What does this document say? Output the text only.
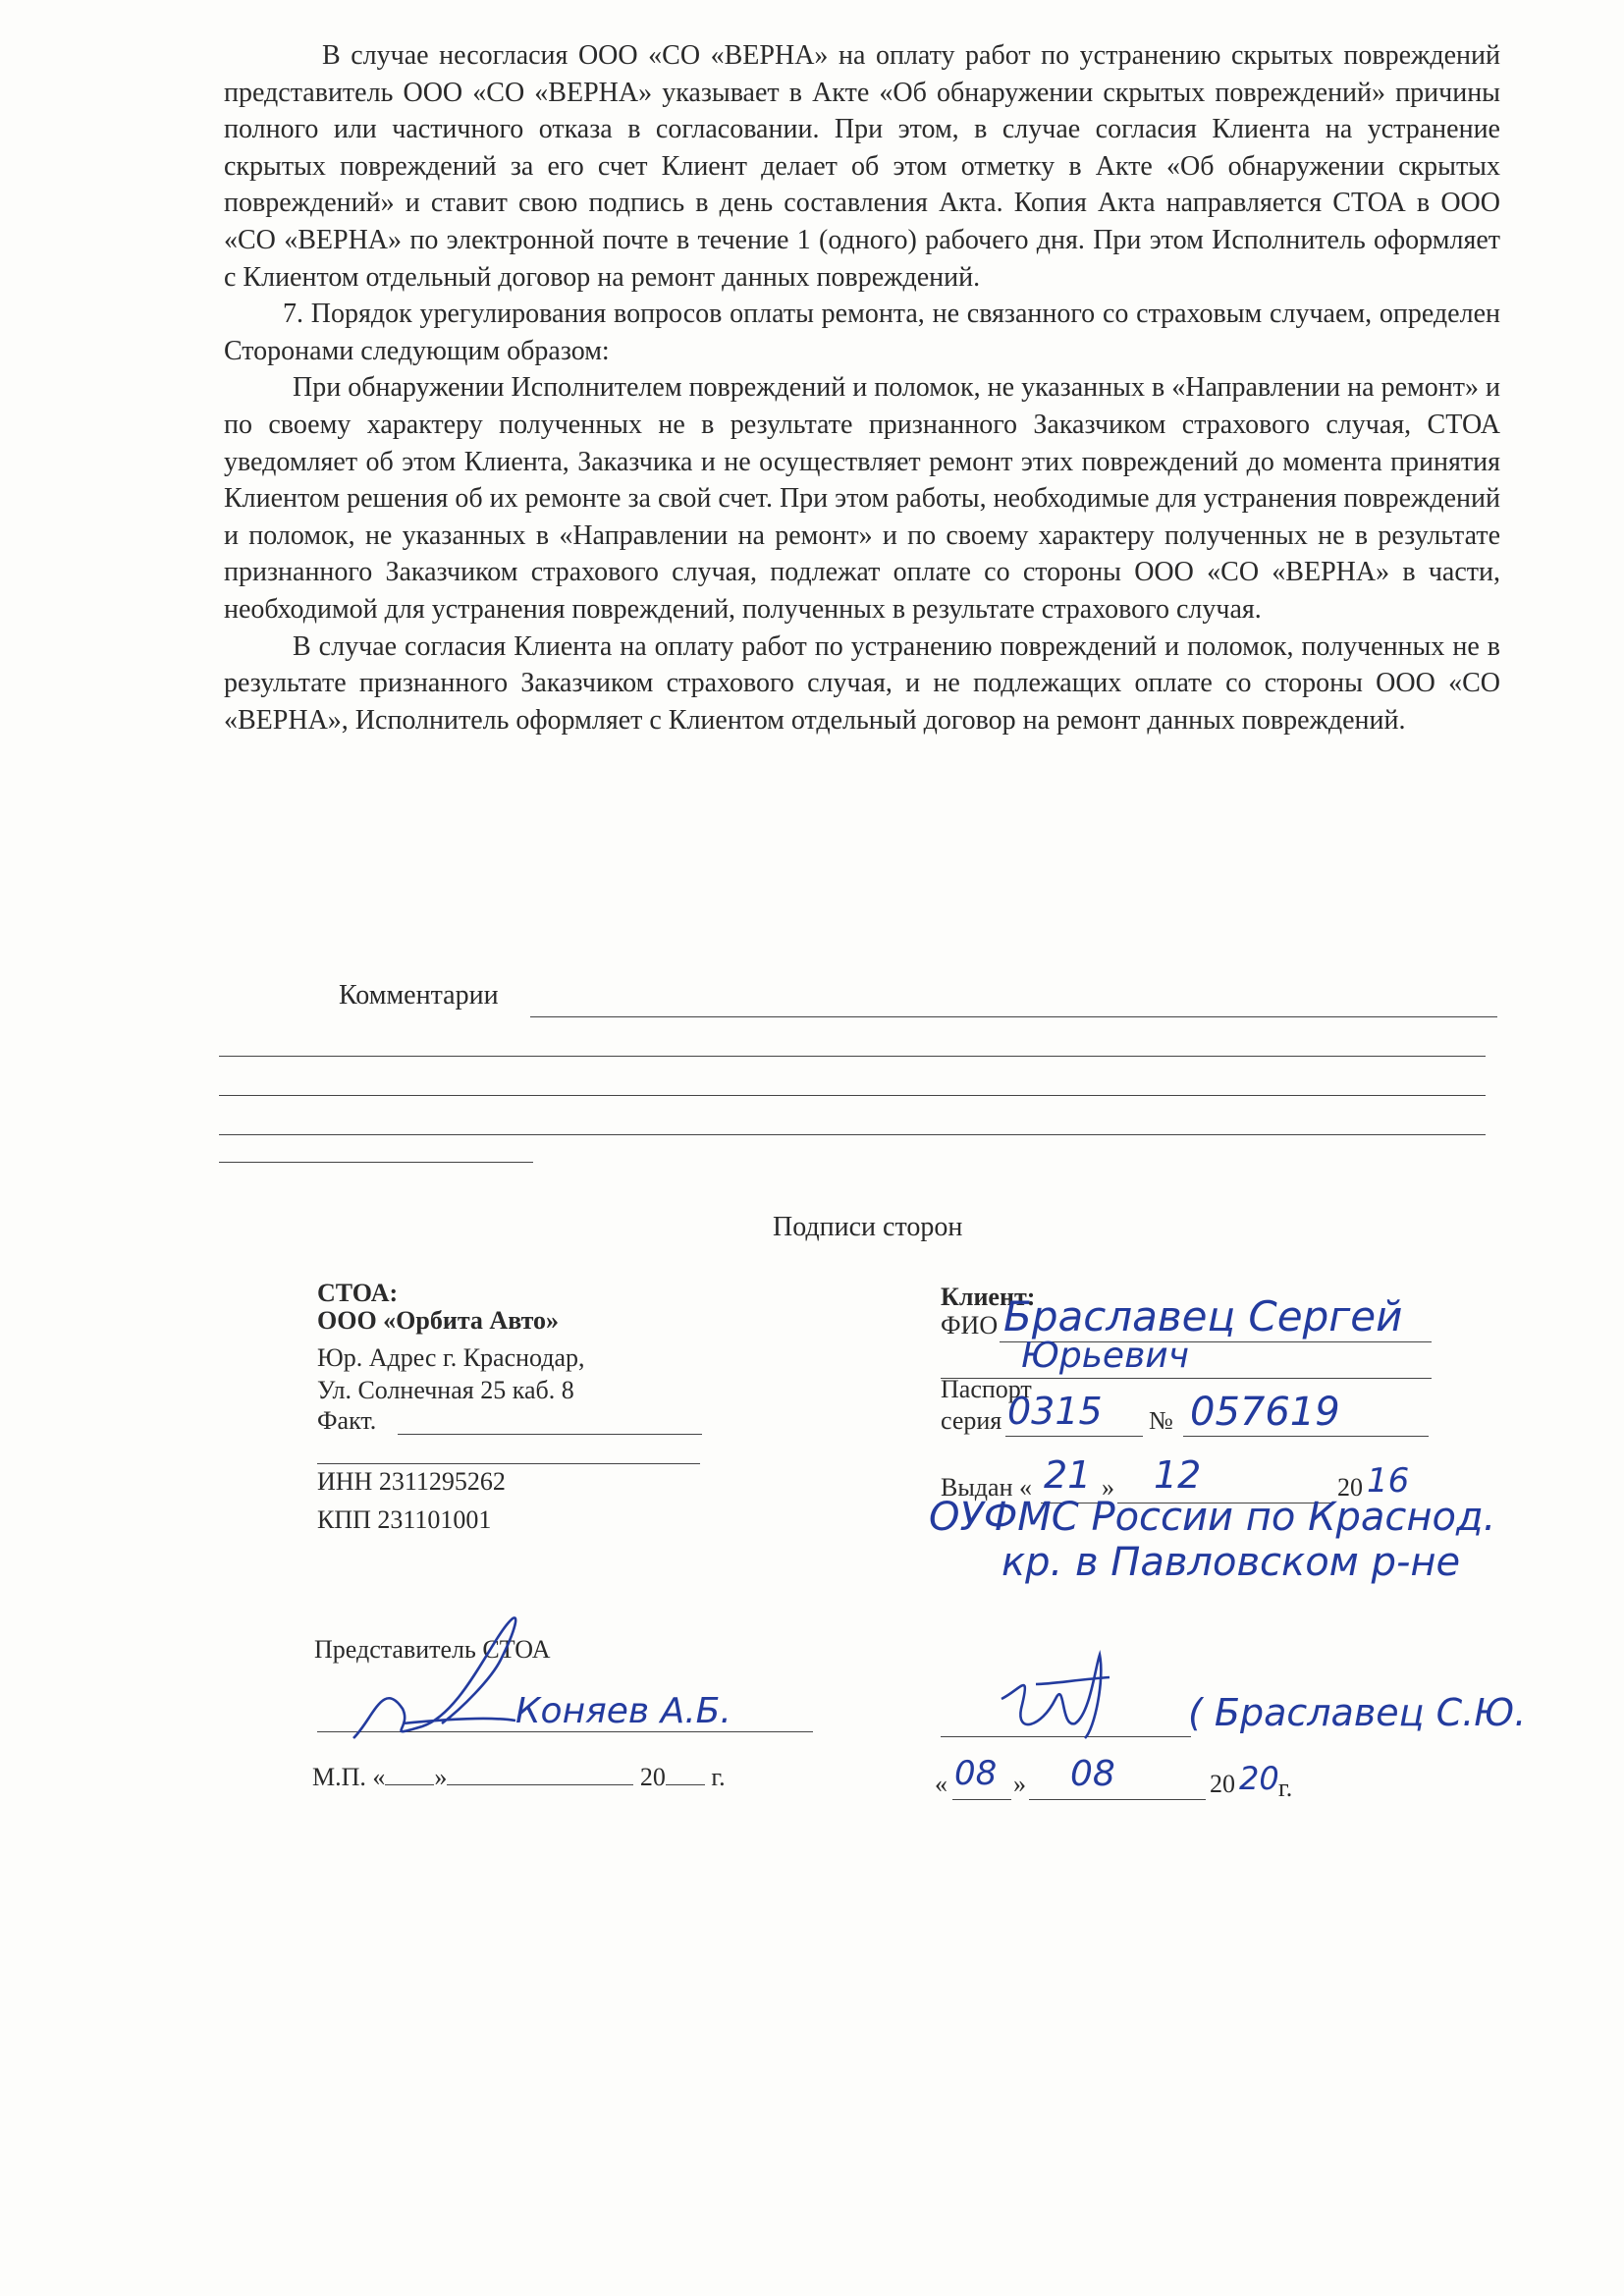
В случае несогласия ООО «СО «ВЕРНА» на оплату работ по устранению скрытых повреждений представитель ООО «СО «ВЕРНА» указывает в Акте «Об обнаружении скрытых повреждений» причины полного или частичного отказа в согласовании. При этом, в случае согласия Клиента на устранение скрытых повреждений за его счет Клиент делает об этом отметку в Акте «Об обнаружении скрытых повреждений» и ставит свою подпись в день составления Акта. Копия Акта направляется СТОА в ООО «СО «ВЕРНА» по электронной почте в течение 1 (одного) рабочего дня. При этом Исполнитель оформляет с Клиентом отдельный договор на ремонт данных повреждений.

7. Порядок урегулирования вопросов оплаты ремонта, не связанного со страховым случаем, определен Сторонами следующим образом:

При обнаружении Исполнителем повреждений и поломок, не указанных в «Направлении на ремонт» и по своему характеру полученных не в результате признанного Заказчиком страхового случая, СТОА уведомляет об этом Клиента, Заказчика и не осуществляет ремонт этих повреждений до момента принятия Клиентом решения об их ремонте за свой счет. При этом работы, необходимые для устранения повреждений и поломок, не указанных в «Направлении на ремонт» и по своему характеру полученных не в результате признанного Заказчиком страхового случая, подлежат оплате со стороны ООО «СО «ВЕРНА» в части, необходимой для устранения повреждений, полученных в результате страхового случая.

В случае согласия Клиента на оплату работ по устранению повреждений и поломок, полученных не в результате признанного Заказчиком страхового случая, и не подлежащих оплате со стороны ООО «СО «ВЕРНА», Исполнитель оформляет с Клиентом отдельный договор на ремонт данных повреждений.

Комментарии
Подписи сторон
СТОА:
ООО «Орбита Авто»
Юр. Адрес г. Краснодар,
Ул. Солнечная 25 каб. 8
Факт.
ИНН 2311295262
КПП 231101001
Представитель СТОА
Коняев А.Б.
М.П. « »	20 г.
Клиент:
ФИО Браславец Сергей
Юрьевич
Паспорт
серия 0315 № 057619
Выдан « 21 » 12	20 16
ОУФМС России по Краснод.
кр. в Павловском р-не
( Браславец С.Ю.
« 08 » 08	20 20 г.
